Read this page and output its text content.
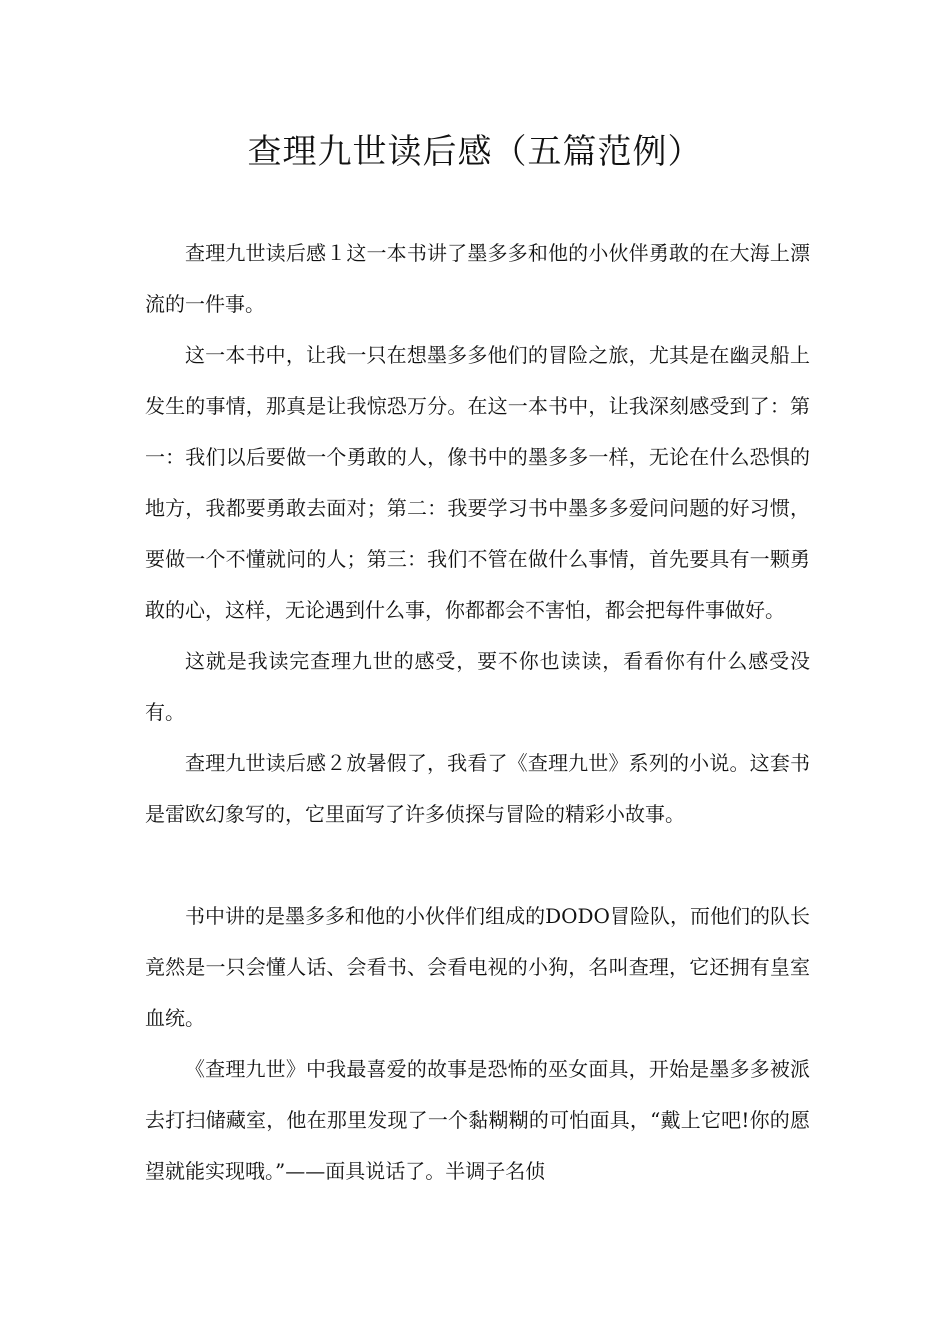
查理九世读后感（五篇范例）

查理九世读后感１这一本书讲了墨多多和他的小伙伴勇敢的在大海上漂流的一件事。

这一本书中，让我一只在想墨多多他们的冒险之旅，尤其是在幽灵船上发生的事情，那真是让我惊恐万分。在这一本书中，让我深刻感受到了：第一：我们以后要做一个勇敢的人，像书中的墨多多一样，无论在什么恐惧的地方，我都要勇敢去面对；第二：我要学习书中墨多多爱问问题的好习惯，要做一个不懂就问的人；第三：我们不管在做什么事情，首先要具有一颗勇敢的心，这样，无论遇到什么事，你都都会不害怕，都会把每件事做好。

这就是我读完查理九世的感受，要不你也读读，看看你有什么感受没有。

查理九世读后感２放暑假了，我看了《查理九世》系列的小说。这套书是雷欧幻象写的，它里面写了许多侦探与冒险的精彩小故事。

书中讲的是墨多多和他的小伙伴们组成的DODO冒险队，而他们的队长竟然是一只会懂人话、会看书、会看电视的小狗，名叫查理，它还拥有皇室血统。

《查理九世》中我最喜爱的故事是恐怖的巫女面具，开始是墨多多被派去打扫储藏室，他在那里发现了一个黏糊糊的可怕面具，“戴上它吧!你的愿望就能实现哦。”——面具说话了。半调子名侦
